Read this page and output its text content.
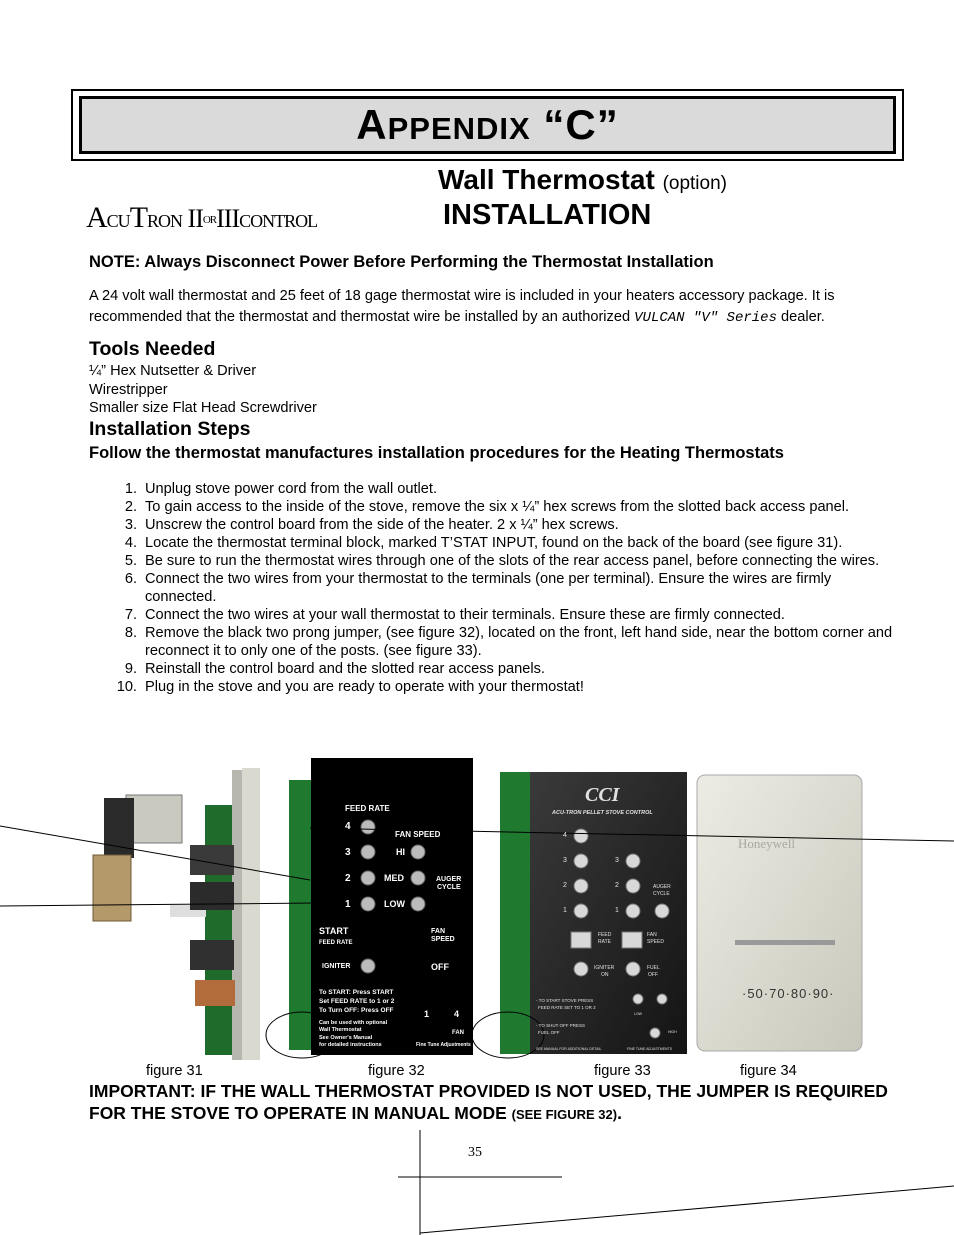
APPENDIX “C”
ACUTRON IIORIIICONTROL
Wall Thermostat (option)
INSTALLATION
NOTE: Always Disconnect Power Before Performing the Thermostat Installation
A 24 volt wall thermostat and 25 feet of 18 gage thermostat wire is included in your heaters accessory package. It is recommended that the thermostat and thermostat wire be installed by an authorized VULCAN "V" Series dealer.
Tools Needed
¼” Hex Nutsetter & Driver
Wirestripper
Smaller size Flat Head Screwdriver
Installation Steps
Follow the thermostat manufactures installation procedures for the Heating Thermostats
1. Unplug stove power cord from the wall outlet.
2. To gain access to the inside of the stove, remove the six x ¼” hex screws from the slotted back access panel.
3. Unscrew the control board from the side of the heater. 2 x ¼” hex screws.
4. Locate the thermostat terminal block, marked T’STAT INPUT, found on the back of the board (see figure 31).
5. Be sure to run the thermostat wires through one of the slots of the rear access panel, before connecting the wires.
6. Connect the two wires from your thermostat to the terminals (one per terminal). Ensure the wires are firmly connected.
7. Connect the two wires at your wall thermostat to their terminals. Ensure these are firmly connected.
8. Remove the black two prong jumper, (see figure 32), located on the front, left hand side, near the bottom corner and reconnect it to only one of the posts. (see figure 33).
9. Reinstall the control board and the slotted rear access panels.
10. Plug in the stove and you are ready to operate with your thermostat!
FEED RATE
FAN SPEED
4
3
2
1
HI
MED
LOW
AUGER
CYCLE
START
FEED RATE
FAN
SPEED
IGNITER	OFF
To START: Press START
Set FEED RATE to 1 or 2
To Turn OFF: Press OFF
Can be used with optional
Wall Thermostat
See Owner's Manual
for detailed instructions
1	4
FAN
Fine Tune Adjustments
CCI
ACU-TRON PELLET STOVE CONTROL
4
3	3
2	2
1	1
AUGER
CYCLE
FEED
RATE
FAN
SPEED
IGNITER
ON
FUEL
OFF
- TO START STOVE PRESS
FEED RATE SET TO 1 OR 2
- TO SHUT OFF PRESS
FUEL OFF
SEE MANUAL FOR ADDITIONAL DETAIL	FINE TUNE ADJUSTMENTS
LOW
HIGH
Honeywell
·50·70·80·90·
figure 31	figure 32	figure 33	figure 34
IMPORTANT: IF THE WALL THERMOSTAT PROVIDED IS NOT USED, THE JUMPER IS REQUIRED FOR THE STOVE TO OPERATE IN MANUAL MODE (SEE FIGURE 32).
35
